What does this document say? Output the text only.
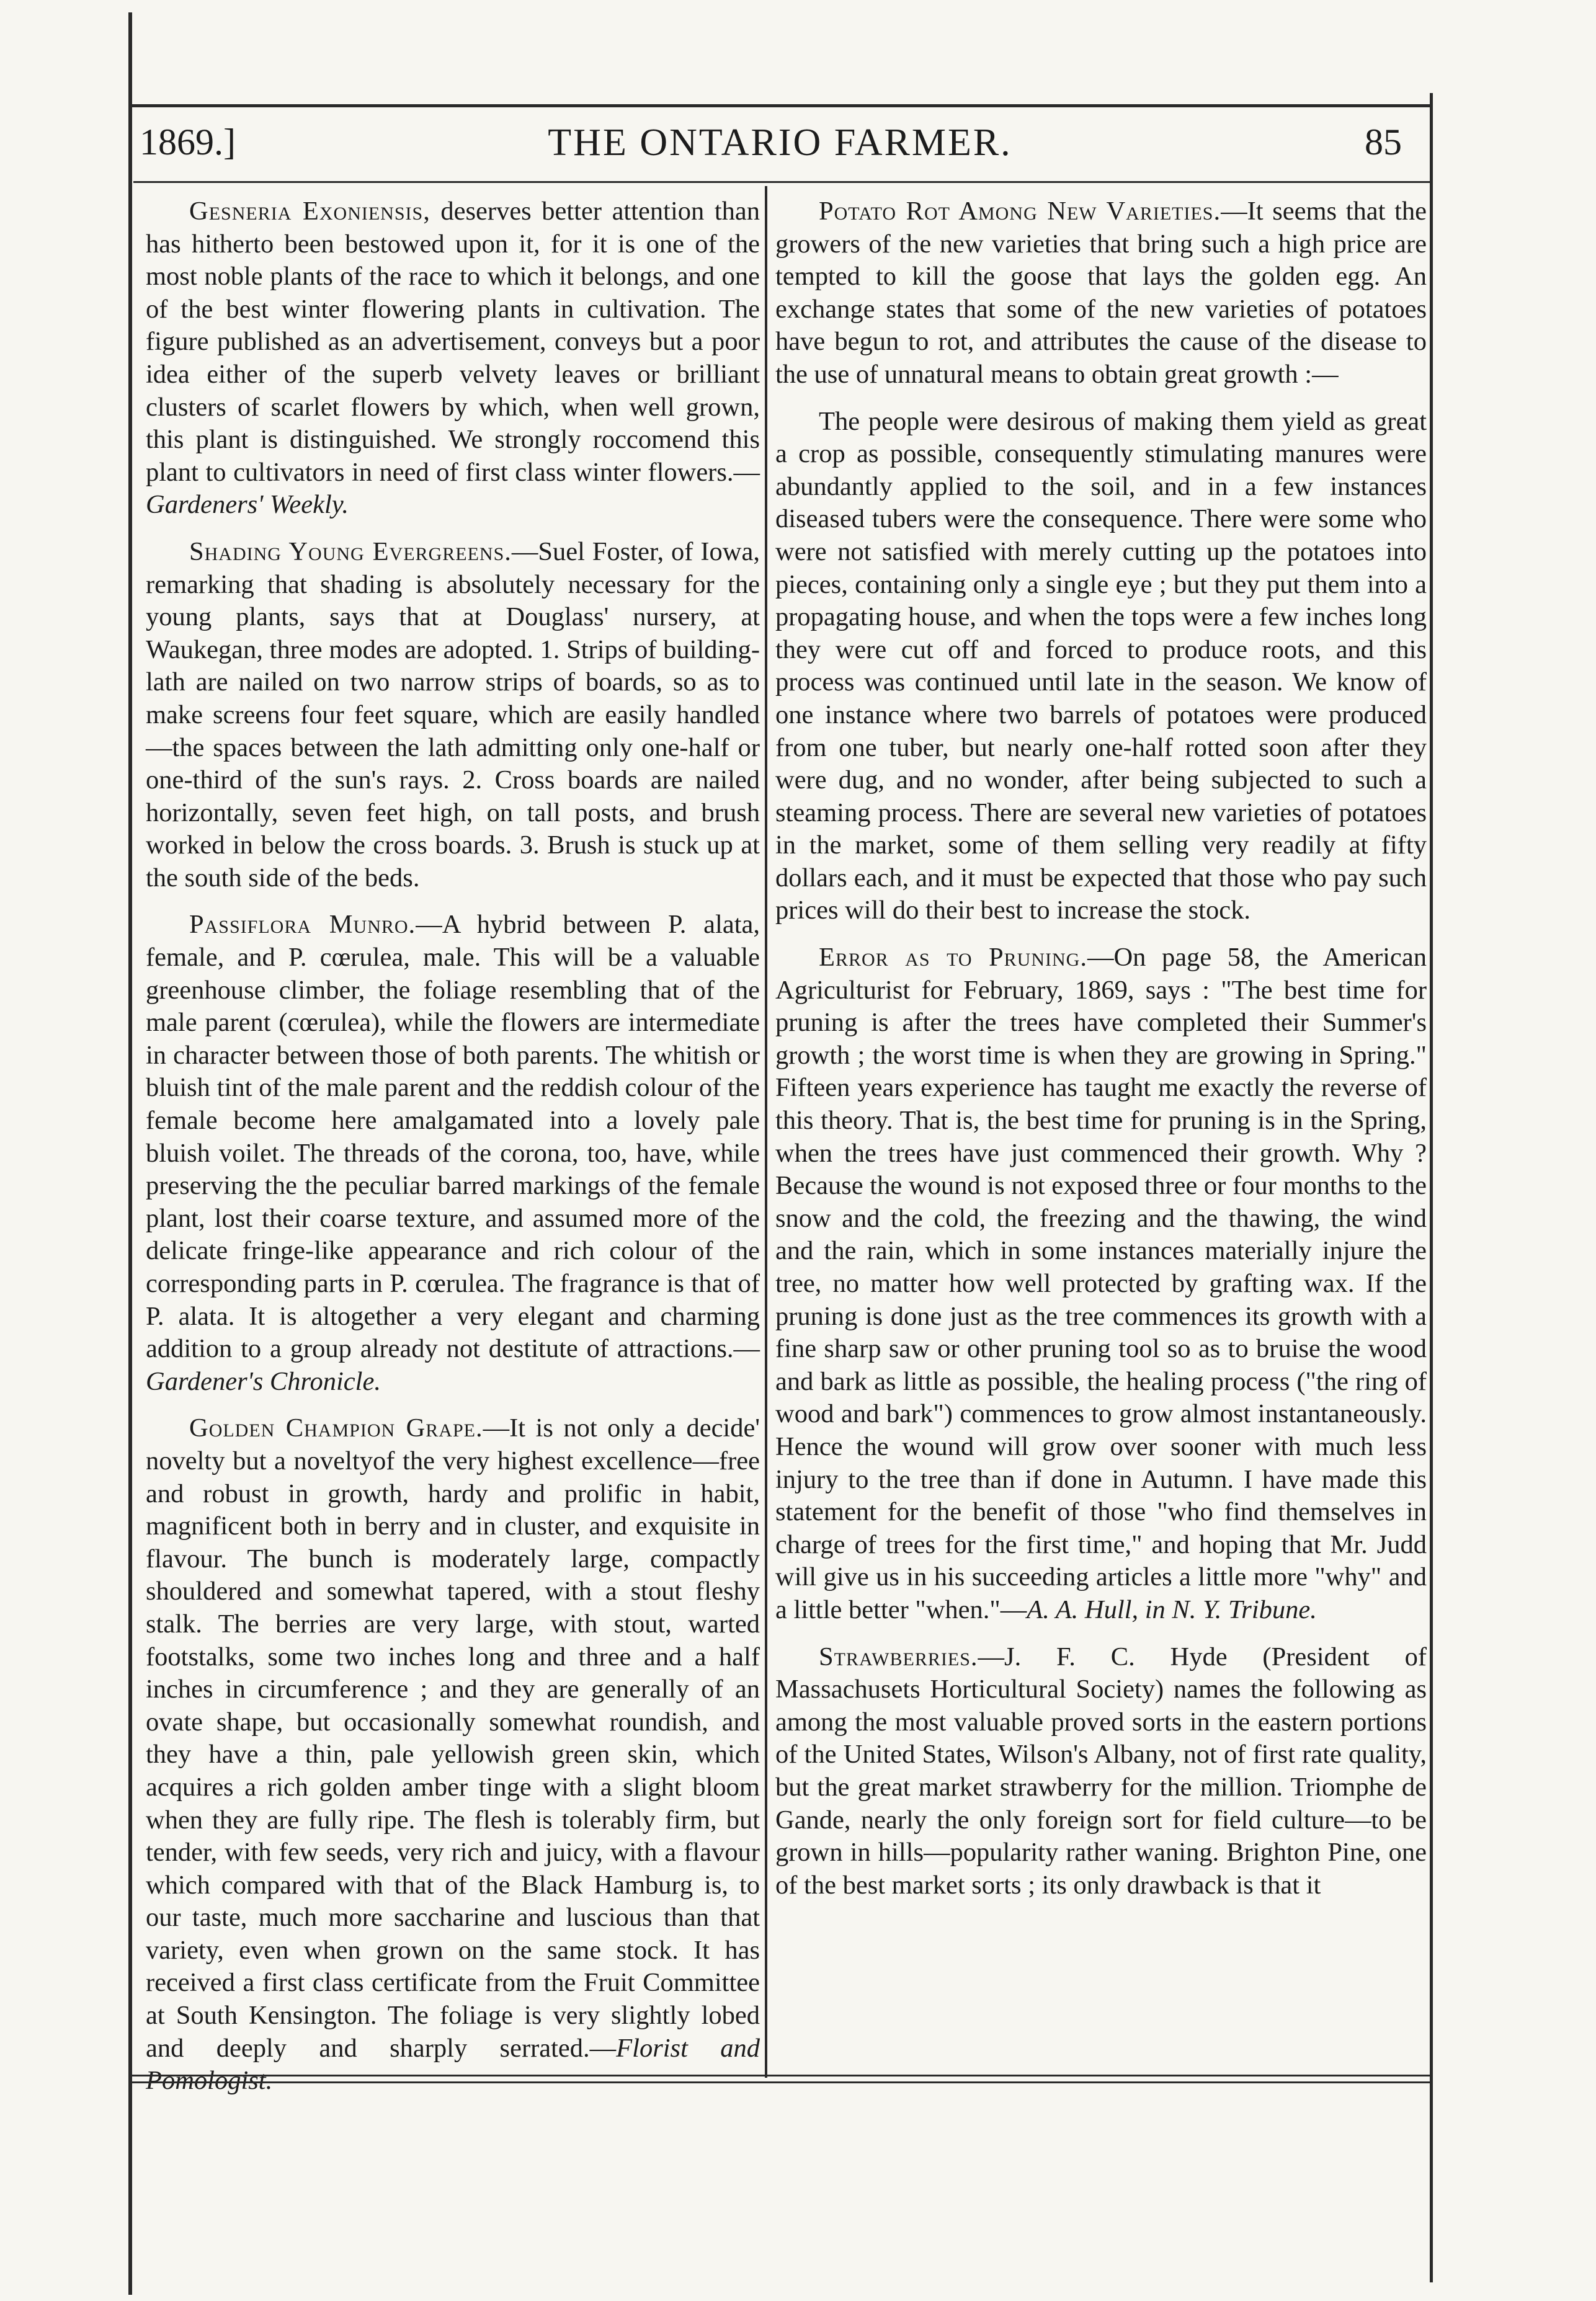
1869.]	THE ONTARIO FARMER.	85

Gesneria Exoniensis, deserves better attention than has hitherto been bestowed upon it, for it is one of the most noble plants of the race to which it belongs, and one of the best winter flowering plants in cultivation. The figure published as an advertisement, conveys but a poor idea either of the superb velvety leaves or brilliant clusters of scarlet flowers by which, when well grown, this plant is distinguished. We strongly roccomend this plant to cultivators in need of first class winter flowers.—Gardeners' Weekly.

Shading Young Evergreens.—Suel Foster, of Iowa, remarking that shading is absolutely necessary for the young plants, says that at Douglass' nursery, at Waukegan, three modes are adopted. 1. Strips of building-lath are nailed on two narrow strips of boards, so as to make screens four feet square, which are easily handled—the spaces between the lath admitting only one-half or one-third of the sun's rays. 2. Cross boards are nailed horizontally, seven feet high, on tall posts, and brush worked in below the cross boards. 3. Brush is stuck up at the south side of the beds.

Passiflora Munro.—A hybrid between P. alata, female, and P. cœrulea, male. This will be a valuable greenhouse climber, the foliage resembling that of the male parent (cœrulea), while the flowers are intermediate in character between those of both parents. The whitish or bluish tint of the male parent and the reddish colour of the female become here amalgamated into a lovely pale bluish voilet. The threads of the corona, too, have, while preserving the the peculiar barred markings of the female plant, lost their coarse texture, and assumed more of the delicate fringe-like appearance and rich colour of the corresponding parts in P. cœrulea. The fragrance is that of P. alata. It is altogether a very elegant and charming addition to a group already not destitute of attractions.—Gardener's Chronicle.

Golden Champion Grape.—It is not only a decide' novelty but a noveltyof the very highest excellence—free and robust in growth, hardy and prolific in habit, magnificent both in berry and in cluster, and exquisite in flavour. The bunch is moderately large, compactly shouldered and somewhat tapered, with a stout fleshy stalk. The berries are very large, with stout, warted footstalks, some two inches long and three and a half inches in circumference ; and they are generally of an ovate shape, but occasionally somewhat roundish, and they have a thin, pale yellowish green skin, which acquires a rich golden amber tinge with a slight bloom when they are fully ripe. The flesh is tolerably firm, but tender, with few seeds, very rich and juicy, with a flavour which compared with that of the Black Hamburg is, to our taste, much more saccharine and luscious than that variety, even when grown on the same stock. It has received a first class certificate from the Fruit Committee at South Kensington. The foliage is very slightly lobed and deeply and sharply serrated.—Florist and Pomologist.

Potato Rot Among New Varieties.—It seems that the growers of the new varieties that bring such a high price are tempted to kill the goose that lays the golden egg. An exchange states that some of the new varieties of potatoes have begun to rot, and attributes the cause of the disease to the use of unnatural means to obtain great growth :—

The people were desirous of making them yield as great a crop as possible, consequently stimulating manures were abundantly applied to the soil, and in a few instances diseased tubers were the consequence. There were some who were not satisfied with merely cutting up the potatoes into pieces, containing only a single eye ; but they put them into a propagating house, and when the tops were a few inches long they were cut off and forced to produce roots, and this process was continued until late in the season. We know of one instance where two barrels of potatoes were produced from one tuber, but nearly one-half rotted soon after they were dug, and no wonder, after being subjected to such a steaming process. There are several new varieties of potatoes in the market, some of them selling very readily at fifty dollars each, and it must be expected that those who pay such prices will do their best to increase the stock.

Error as to Pruning.—On page 58, the American Agriculturist for February, 1869, says : "The best time for pruning is after the trees have completed their Summer's growth ; the worst time is when they are growing in Spring." Fifteen years experience has taught me exactly the reverse of this theory. That is, the best time for pruning is in the Spring, when the trees have just commenced their growth. Why ? Because the wound is not exposed three or four months to the snow and the cold, the freezing and the thawing, the wind and the rain, which in some instances materially injure the tree, no matter how well protected by grafting wax. If the pruning is done just as the tree commences its growth with a fine sharp saw or other pruning tool so as to bruise the wood and bark as little as possible, the healing process ("the ring of wood and bark") commences to grow almost instantaneously. Hence the wound will grow over sooner with much less injury to the tree than if done in Autumn. I have made this statement for the benefit of those "who find themselves in charge of trees for the first time," and hoping that Mr. Judd will give us in his succeeding articles a little more "why" and a little better "when."—A. A. Hull, in N. Y. Tribune.

Strawberries.—J. F. C. Hyde (President of Massachusets Horticultural Society) names the following as among the most valuable proved sorts in the eastern portions of the United States, Wilson's Albany, not of first rate quality, but the great market strawberry for the million. Triomphe de Gande, nearly the only foreign sort for field culture—to be grown in hills—popularity rather waning. Brighton Pine, one of the best market sorts ; its only drawback is that it
